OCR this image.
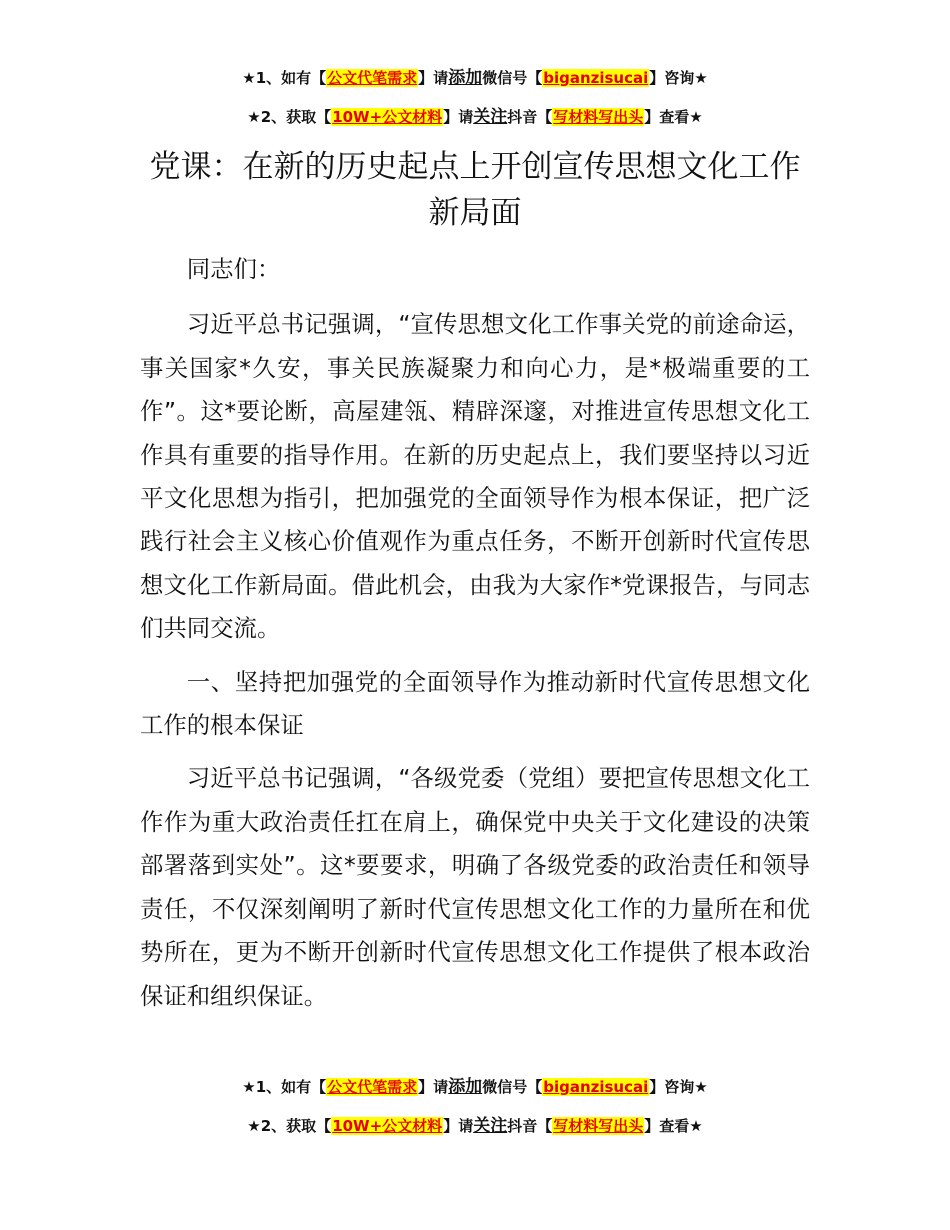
★1、如有【公文代笔需求】请添加微信号【biganzisucai】咨询★
★2、获取【10W+公文材料】请关注抖音【写材料写出头】查看★
党课：在新的历史起点上开创宣传思想文化工作新局面

同志们：

习近平总书记强调，“宣传思想文化工作事关党的前途命运，事关国家*久安，事关民族凝聚力和向心力，是*极端重要的工作”。这*要论断，高屋建瓴、精辟深邃，对推进宣传思想文化工作具有重要的指导作用。在新的历史起点上，我们要坚持以习近平文化思想为指引，把加强党的全面领导作为根本保证，把广泛践行社会主义核心价值观作为重点任务，不断开创新时代宣传思想文化工作新局面。借此机会，由我为大家作*党课报告，与同志们共同交流。

一、坚持把加强党的全面领导作为推动新时代宣传思想文化工作的根本保证

习近平总书记强调，“各级党委（党组）要把宣传思想文化工作作为重大政治责任扛在肩上，确保党中央关于文化建设的决策部署落到实处”。这*要要求，明确了各级党委的政治责任和领导责任，不仅深刻阐明了新时代宣传思想文化工作的力量所在和优势所在，更为不断开创新时代宣传思想文化工作提供了根本政治保证和组织保证。

★1、如有【公文代笔需求】请添加微信号【biganzisucai】咨询★
★2、获取【10W+公文材料】请关注抖音【写材料写出头】查看★
